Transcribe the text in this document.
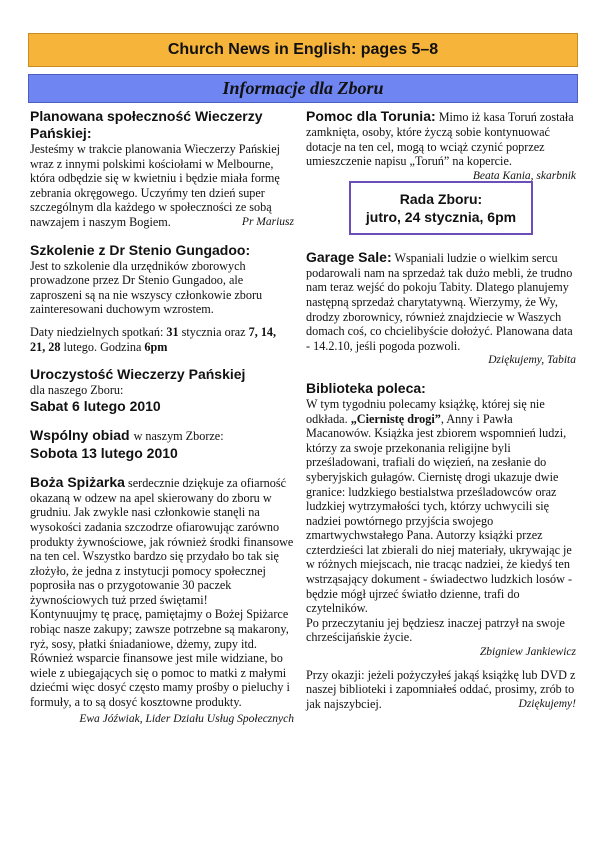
Church News in English: pages 5–8
Informacje dla Zboru
Planowana społeczność Wieczerzy Pańskiej:
Jesteśmy w trakcie planowania Wieczerzy Pańskiej wraz z innymi polskimi kościołami w Melbourne, która odbędzie się w kwietniu i będzie miała formę zebrania okręgowego. Uczyńmy ten dzień super szczególnym dla każdego w społeczności ze sobą nawzajem i naszym Bogiem.	Pr Mariusz
Szkolenie z Dr Stenio Gungadoo:
Jest to szkolenie dla urzędników zborowych prowadzone przez Dr Stenio Gungadoo, ale zaproszeni są na nie wszyscy członkowie zboru zainteresowani duchowym wzrostem.
Daty niedzielnych spotkań: 31 stycznia oraz 7, 14, 21, 28 lutego. Godzina 6pm
Uroczystość Wieczerzy Pańskiej
dla naszego Zboru:
Sabat 6 lutego 2010
Wspólny obiad w naszym Zborze:
Sobota 13 lutego 2010
Boża Spiżarka serdecznie dziękuje za ofiarność okazaną w odzew na apel skierowany do zboru w grudniu. Jak zwykle nasi członkowie stanęli na wysokości zadania szczodrze ofiarowując zarówno produkty żywnościowe, jak również środki finansowe na ten cel. Wszystko bardzo się przydało bo tak się złożyło, że jedna z instytucji pomocy społecznej poprosiła nas o przygotowanie 30 paczek żywnościowych tuż przed świętami!
Kontynuujmy tę pracę, pamiętajmy o Bożej Spiżarce robiąc nasze zakupy; zawsze potrzebne są makarony, ryż, sosy, płatki śniadaniowe, dżemy, zupy itd. Również wsparcie finansowe jest mile widziane, bo wiele z ubiegających się o pomoc to matki z małymi dziećmi więc dosyć często mamy prośby o pieluchy i formuły, a to są dosyć kosztowne produkty.
Ewa Jóźwiak, Lider Działu Usług Społecznych
Pomoc dla Torunia: Mimo iż kasa Toruń została zamknięta, osoby, które życzą sobie kontynuować dotacje na ten cel, mogą to wciąż czynić poprzez umieszczenie napisu „Toruń” na kopercie.
Beata Kania, skarbnik
Rada Zboru:
jutro, 24 stycznia, 6pm
Garage Sale: Wspaniali ludzie o wielkim sercu podarowali nam na sprzedaż tak dużo mebli, że trudno nam teraz wejść do pokoju Tabity. Dlatego planujemy następną sprzedaż charytatywną. Wierzymy, że Wy, drodzy zborownicy, również znajdziecie w Waszych domach coś, co chcielibyście dołożyć. Planowana data - 14.2.10, jeśli pogoda pozwoli.
Dziękujemy, Tabita
Biblioteka poleca:
W tym tygodniu polecamy książkę, której się nie odkłada. „Ciernistę drogi”, Anny i Pawła Macanowów. Książka jest zbiorem wspomnień ludzi, którzy za swoje przekonania religijne byli prześladowani, trafiali do więzień, na zesłanie do syberyjskich gułagów. Ciernistę drogi ukazuje dwie granice: ludzkiego bestialstwa prześladowców oraz ludzkiej wytrzymałości tych, którzy uchwycili się nadziei powtórnego przyjścia swojego zmartwychwstałego Pana. Autorzy książki przez czterdzieści lat zbierali do niej materiały, ukrywając je w różnych miejscach, nie tracąc nadziei, że kiedyś ten wstrząsający dokument - świadectwo ludzkich losów - będzie mógł ujrzeć światło dzienne, trafi do czytelników.
Po przeczytaniu jej będziesz inaczej patrzył na swoje chrześcijańskie życie.
Zbigniew Jankiewicz
Przy okazji: jeżeli pożyczyłeś jakąś książkę lub DVD z naszej biblioteki i zapomniałeś oddać, prosimy, zrób to jak najszybciej.	Dziękujemy!
